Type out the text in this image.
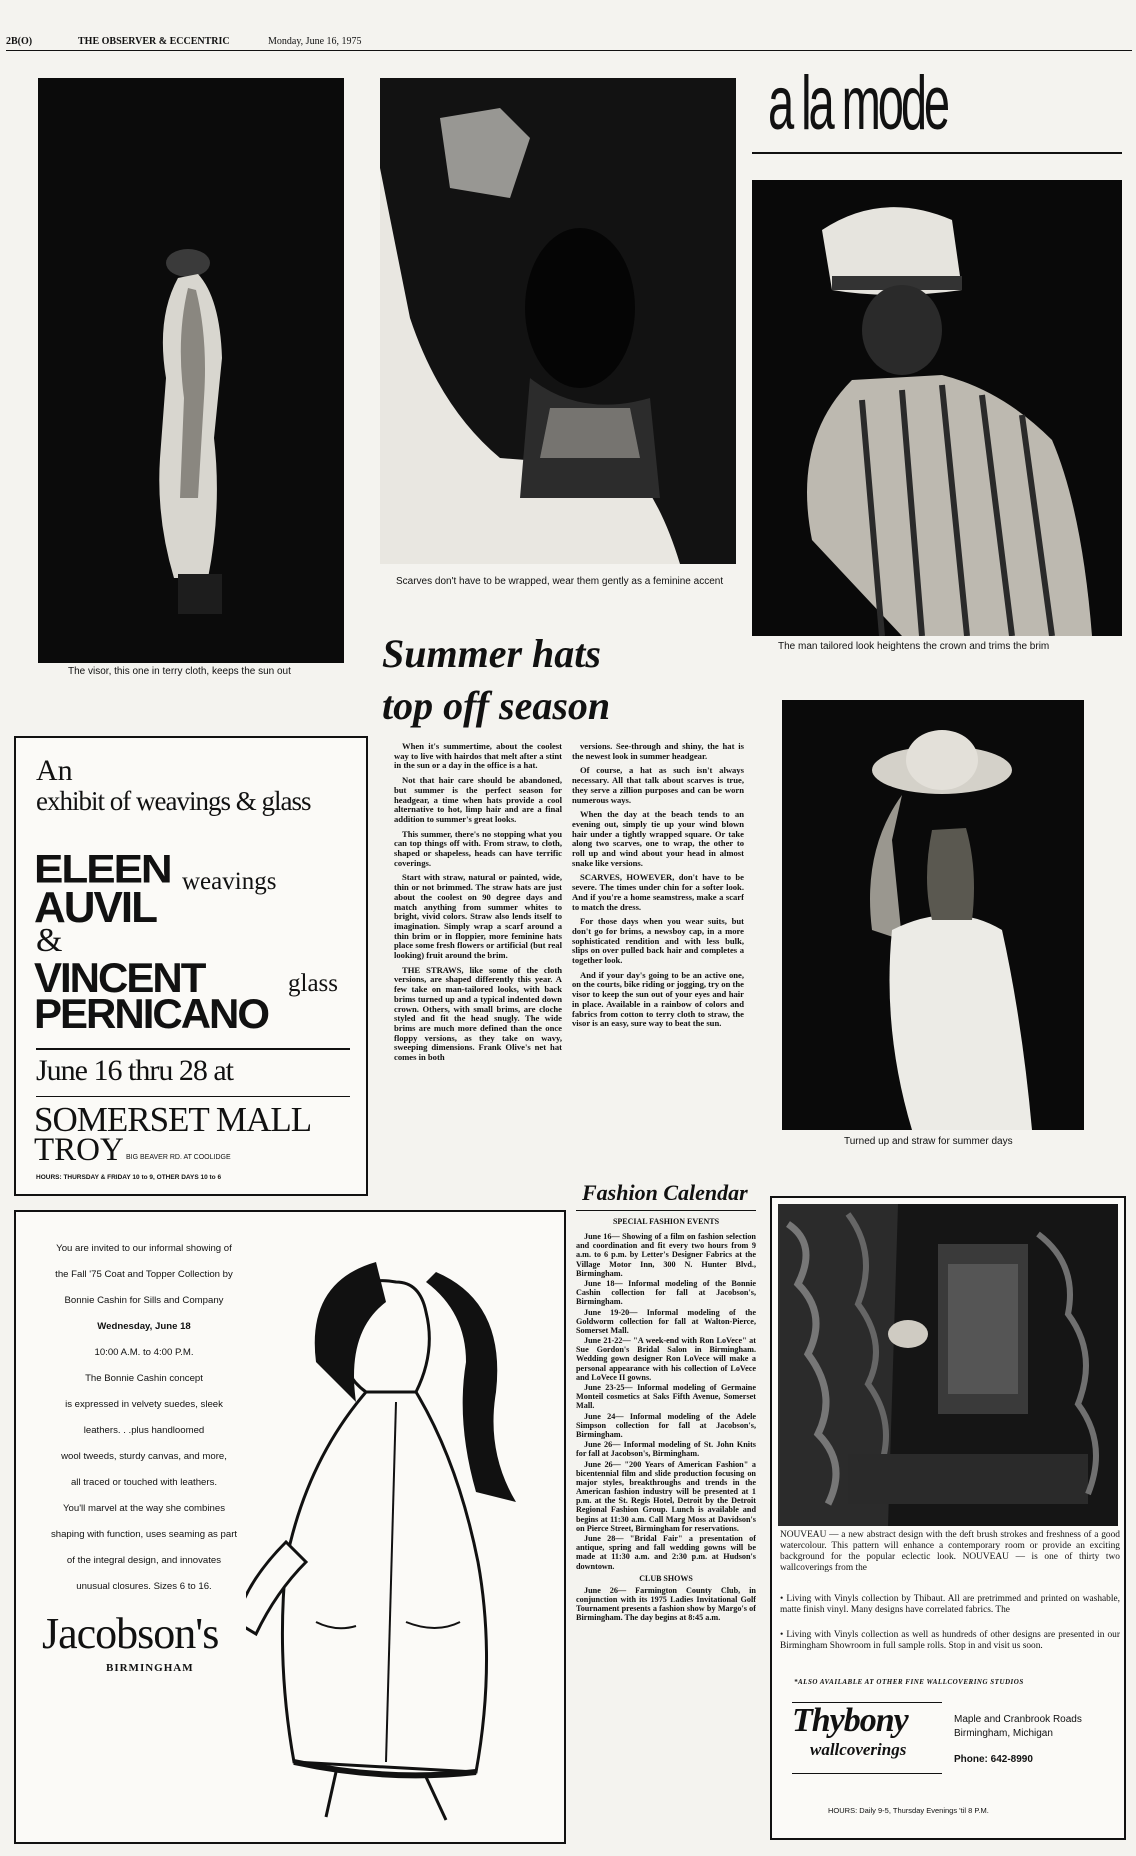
2B(O)	THE OBSERVER & ECCENTRIC	Monday, June 16, 1975
The visor, this one in terry cloth, keeps the sun out
Scarves don't have to be wrapped, wear them gently as a feminine accent
a la mode
The man tailored look heightens the crown and trims the brim
Summer hats
top off season

When it's summertime, about the coolest way to live with hairdos that melt after a stint in the sun or a day in the office is a hat.

Not that hair care should be abandoned, but summer is the perfect season for headgear, a time when hats provide a cool alternative to hot, limp hair and are a final addition to summer's great looks.

This summer, there's no stopping what you can top things off with. From straw, to cloth, shaped or shapeless, heads can have terrific coverings.

Start with straw, natural or painted, wide, thin or not brimmed. The straw hats are just about the coolest on 90 degree days and match anything from summer whites to bright, vivid colors. Straw also lends itself to imagination. Simply wrap a scarf around a thin brim or in floppier, more feminine hats place some fresh flowers or artificial (but real looking) fruit around the brim.

THE STRAWS, like some of the cloth versions, are shaped differently this year. A few take on man-tailored looks, with back brims turned up and a typical indented down crown. Others, with small brims, are cloche styled and fit the head snugly. The wide brims are much more defined than the once floppy versions, as they take on wavy, sweeping dimensions. Frank Olive's net hat comes in both

versions. See-through and shiny, the hat is the newest look in summer headgear.

Of course, a hat as such isn't always necessary. All that talk about scarves is true, they serve a zillion purposes and can be worn numerous ways.

When the day at the beach tends to an evening out, simply tie up your wind blown hair under a tightly wrapped square. Or take along two scarves, one to wrap, the other to roll up and wind about your head in almost snake like versions.

SCARVES, HOWEVER, don't have to be severe. The times under chin for a softer look. And if you're a home seamstress, make a scarf to match the dress.

For those days when you wear suits, but don't go for brims, a newsboy cap, in a more sophisticated rendition and with less bulk, slips on over pulled back hair and completes a together look.

And if your day's going to be an active one, on the courts, bike riding or jogging, try on the visor to keep the sun out of your eyes and hair in place. Available in a rainbow of colors and fabrics from cotton to terry cloth to straw, the visor is an easy, sure way to beat the sun.

Turned up and straw for summer days
An
exhibit of weavings & glass
ELEEN
AUVIL
weavings
&
VINCENT
PERNICANO
glass
June 16 thru 28 at
SOMERSET MALL
TROY BIG BEAVER RD. AT COOLIDGE
HOURS: THURSDAY & FRIDAY 10 to 9, OTHER DAYS 10 to 6
You are invited to our informal showing of
the Fall '75 Coat and Topper Collection by
Bonnie Cashin for Sills and Company
Wednesday, June 18
10:00 A.M. to 4:00 P.M.
The Bonnie Cashin concept
is expressed in velvety suedes, sleek
leathers. . .plus handloomed
wool tweeds, sturdy canvas, and more,
all traced or touched with leathers.
You'll marvel at the way she combines
shaping with function, uses seaming as part
of the integral design, and innovates
unusual closures. Sizes 6 to 16.
Jacobson's
BIRMINGHAM
Fashion Calendar
SPECIAL FASHION EVENTS

June 16— Showing of a film on fashion selection and coordination and fit every two hours from 9 a.m. to 6 p.m. by Letter's Designer Fabrics at the Village Motor Inn, 300 N. Hunter Blvd., Birmingham.

June 18— Informal modeling of the Bonnie Cashin collection for fall at Jacobson's, Birmingham.

June 19-20— Informal modeling of the Goldworm collection for fall at Walton-Pierce, Somerset Mall.

June 21-22— "A week-end with Ron LoVece" at Sue Gordon's Bridal Salon in Birmingham. Wedding gown designer Ron LoVece will make a personal appearance with his collection of LoVece and LoVece II gowns.

June 23-25— Informal modeling of Germaine Monteil cosmetics at Saks Fifth Avenue, Somerset Mall.

June 24— Informal modeling of the Adele Simpson collection for fall at Jacobson's, Birmingham.

June 26— Informal modeling of St. John Knits for fall at Jacobson's, Birmingham.

June 26— "200 Years of American Fashion" a bicentennial film and slide production focusing on major styles, breakthroughs and trends in the American fashion industry will be presented at 1 p.m. at the St. Regis Hotel, Detroit by the Detroit Regional Fashion Group. Lunch is available and begins at 11:30 a.m. Call Marg Moss at Davidson's on Pierce Street, Birmingham for reservations.

June 28— "Bridal Fair" a presentation of antique, spring and fall wedding gowns will be made at 11:30 a.m. and 2:30 p.m. at Hudson's downtown.

CLUB SHOWS

June 26— Farmington County Club, in conjunction with its 1975 Ladies Invitational Golf Tournament presents a fashion show by Margo's of Birmingham. The day begins at 8:45 a.m.

NOUVEAU — a new abstract design with the deft brush strokes and freshness of a good watercolour. This pattern will enhance a contemporary room or provide an exciting background for the popular eclectic look. NOUVEAU — is one of thirty two wallcoverings from the
• Living with Vinyls collection by Thibaut. All are pretrimmed and printed on washable, matte finish vinyl. Many designs have correlated fabrics. The
• Living with Vinyls collection as well as hundreds of other designs are presented in our Birmingham Showroom in full sample rolls. Stop in and visit us soon.
*ALSO AVAILABLE AT OTHER FINE WALLCOVERING STUDIOS
Thybony
wallcoverings
Maple and Cranbrook Roads
Birmingham, Michigan
Phone: 642-8990
HOURS: Daily 9-5, Thursday Evenings 'til 8 P.M.
